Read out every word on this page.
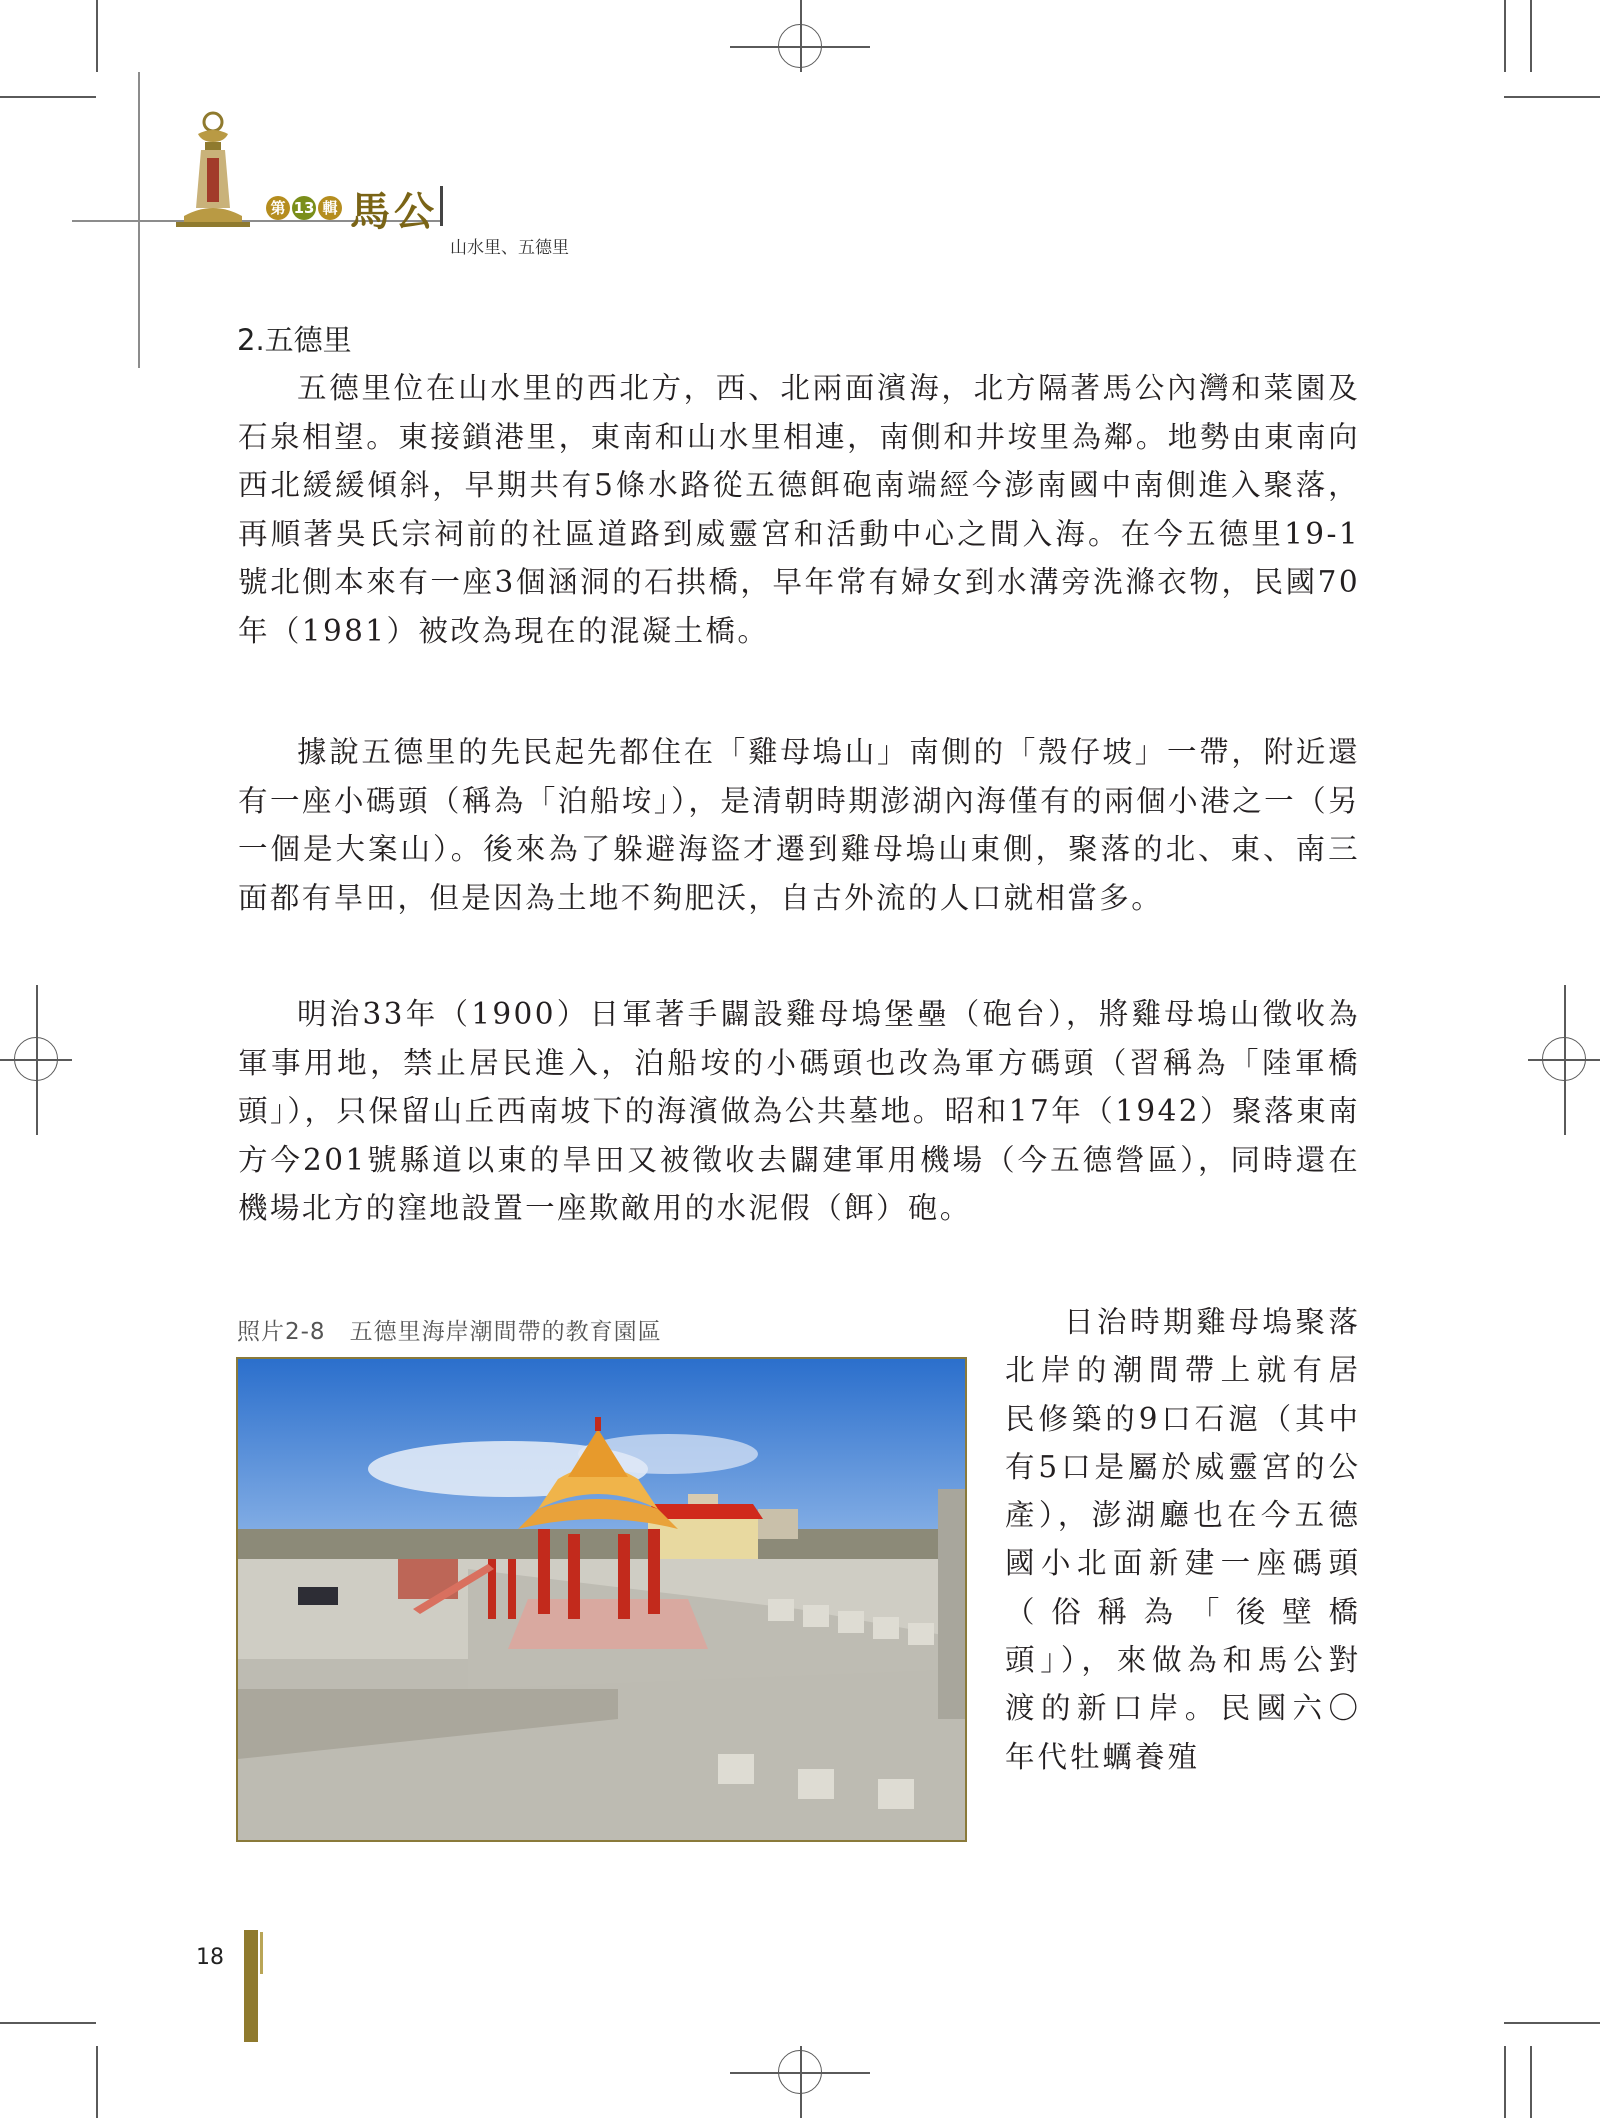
第 13 輯 馬公
山水里、五德里
2.五德里

五德里位在山水里的西北方，西、北兩面濱海，北方隔著馬公內灣和菜園及石泉相望。東接鎖港里，東南和山水里相連，南側和井垵里為鄰。地勢由東南向西北緩緩傾斜，早期共有5條水路從五德餌砲南端經今澎南國中南側進入聚落，再順著吳氏宗祠前的社區道路到威靈宮和活動中心之間入海。在今五德里19-1號北側本來有一座3個涵洞的石拱橋，早年常有婦女到水溝旁洗滌衣物，民國70年（1981）被改為現在的混凝土橋。

據說五德里的先民起先都住在「雞母塢山」南側的「殼仔坡」一帶，附近還有一座小碼頭（稱為「泊船垵」），是清朝時期澎湖內海僅有的兩個小港之一（另一個是大案山）。後來為了躲避海盜才遷到雞母塢山東側，聚落的北、東、南三面都有旱田，但是因為土地不夠肥沃，自古外流的人口就相當多。

明治33年（1900）日軍著手闢設雞母塢堡壘（砲台），將雞母塢山徵收為軍事用地，禁止居民進入，泊船垵的小碼頭也改為軍方碼頭（習稱為「陸軍橋頭」），只保留山丘西南坡下的海濱做為公共墓地。昭和17年（1942）聚落東南方今201號縣道以東的旱田又被徵收去闢建軍用機場（今五德營區），同時還在機場北方的窪地設置一座欺敵用的水泥假（餌）砲。

照片2-8　五德里海岸潮間帶的教育園區	日治時期雞母塢聚落北岸的潮間帶上就有居民修築的9口石滬（其中有5口是屬於威靈宮的公產），澎湖廳也在今五德國小北面新建一座碼頭（俗稱為「後壁橋頭」），來做為和馬公對渡的新口岸。民國六〇年代牡蠣養殖

18
